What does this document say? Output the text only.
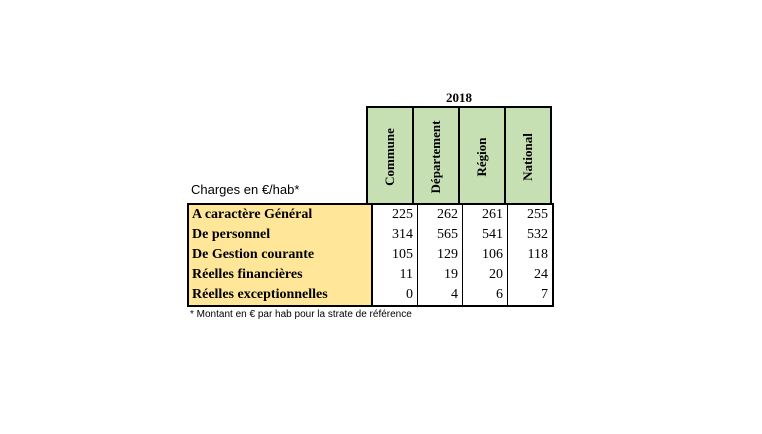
2018
Charges en €/hab*
Commune Département Région National
A caractère Général	225	262	261	255
De personnel	314	565	541	532
De Gestion courante	105	129	106	118
Réelles financières	11	19	20	24
Réelles exceptionnelles	0	4	6	7
* Montant en € par hab pour la strate de référence
